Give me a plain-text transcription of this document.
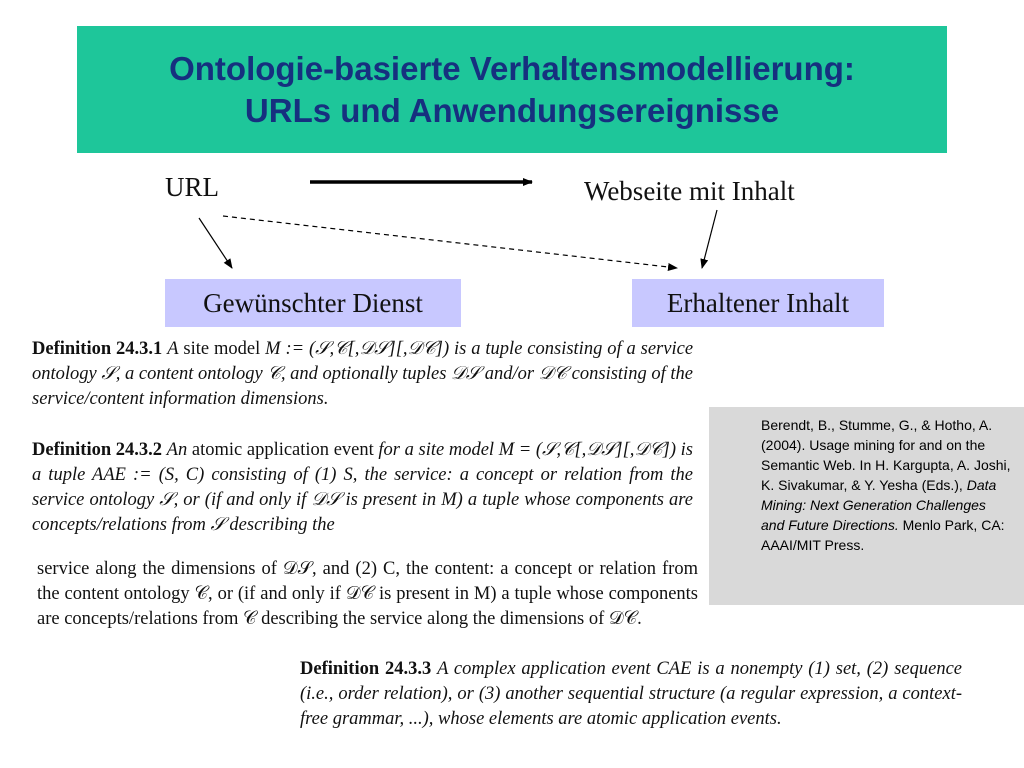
Ontologie-basierte Verhaltensmodellierung:
URLs und Anwendungsereignisse
URL	Webseite mit Inhalt
Gewünschter Dienst	Erhaltener Inhalt
Definition 24.3.1 A site model M := (𝒮,𝒞[,𝒟𝒮][,𝒟𝒞]) is a tuple consisting of a service ontology 𝒮, a content ontology 𝒞, and optionally tuples 𝒟𝒮 and/or 𝒟𝒞 consisting of the service/content information dimensions.
Definition 24.3.2 An atomic application event for a site model M = (𝒮,𝒞[,𝒟𝒮][,𝒟𝒞]) is a tuple AAE := (S, C) consisting of (1) S, the service: a concept or relation from the service ontology 𝒮, or (if and only if 𝒟𝒮 is present in M) a tuple whose components are concepts/relations from 𝒮 describing the
service along the dimensions of 𝒟𝒮, and (2) C, the content: a concept or relation from the content ontology 𝒞, or (if and only if 𝒟𝒞 is present in M) a tuple whose components are concepts/relations from 𝒞 describing the service along the dimensions of 𝒟𝒞.
Berendt, B., Stumme, G., & Hotho, A. (2004). Usage mining for and on the Semantic Web. In H. Kargupta, A. Joshi, K. Sivakumar, & Y. Yesha (Eds.), Data Mining: Next Generation Challenges and Future Directions. Menlo Park, CA: AAAI/MIT Press.
Definition 24.3.3 A complex application event CAE is a nonempty (1) set, (2) sequence (i.e., order relation), or (3) another sequential structure (a regular expression, a context-free grammar, ...), whose elements are atomic application events.
